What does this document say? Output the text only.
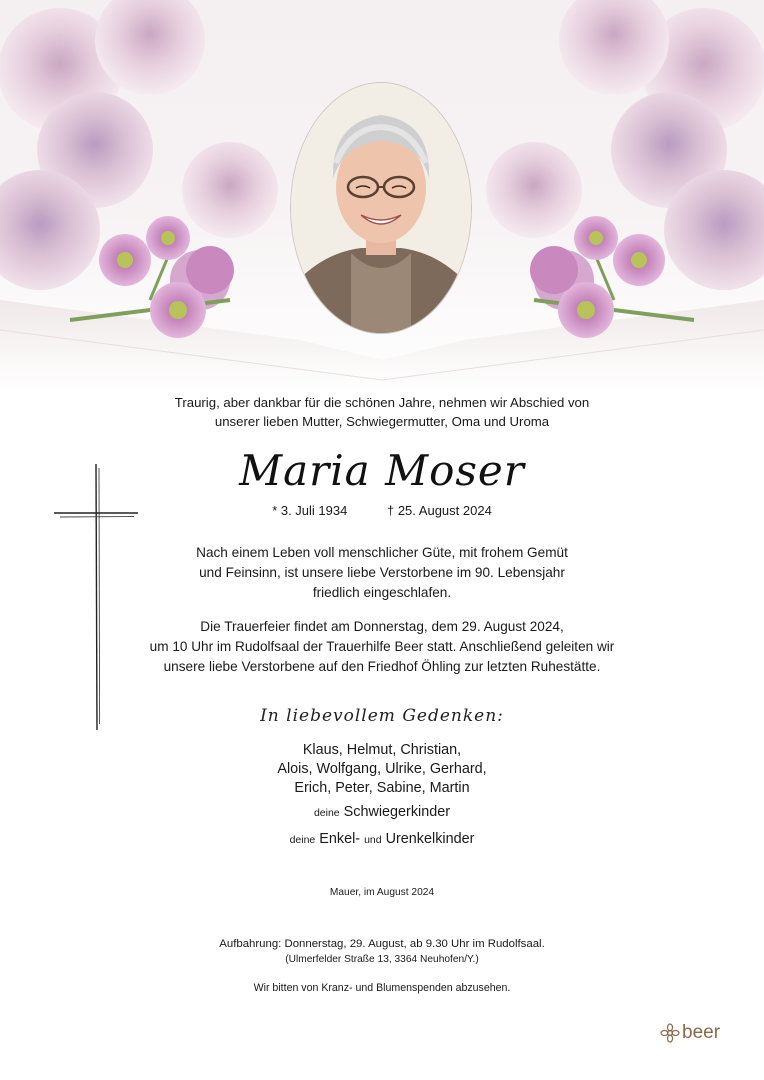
Traurig, aber dankbar für die schönen Jahre, nehmen wir Abschied von
unserer lieben Mutter, Schwiegermutter, Oma und Uroma
Maria Moser
* 3. Juli 1934	† 25. August 2024
Nach einem Leben voll menschlicher Güte, mit frohem Gemüt
und Feinsinn, ist unsere liebe Verstorbene im 90. Lebensjahr
friedlich eingeschlafen.
Die Trauerfeier findet am Donnerstag, dem 29. August 2024,
um 10 Uhr im Rudolfsaal der Trauerhilfe Beer statt. Anschließend geleiten wir
unsere liebe Verstorbene auf den Friedhof Öhling zur letzten Ruhestätte.
In liebevollem Gedenken:
Klaus, Helmut, Christian,
Alois, Wolfgang, Ulrike, Gerhard,
Erich, Peter, Sabine, Martin
deine Schwiegerkinder
deine Enkel- und Urenkelkinder
Mauer, im August 2024
Aufbahrung: Donnerstag, 29. August, ab 9.30 Uhr im Rudolfsaal.
(Ulmerfelder Straße 13, 3364 Neuhofen/Y.)
Wir bitten von Kranz- und Blumenspenden abzusehen.
beer
